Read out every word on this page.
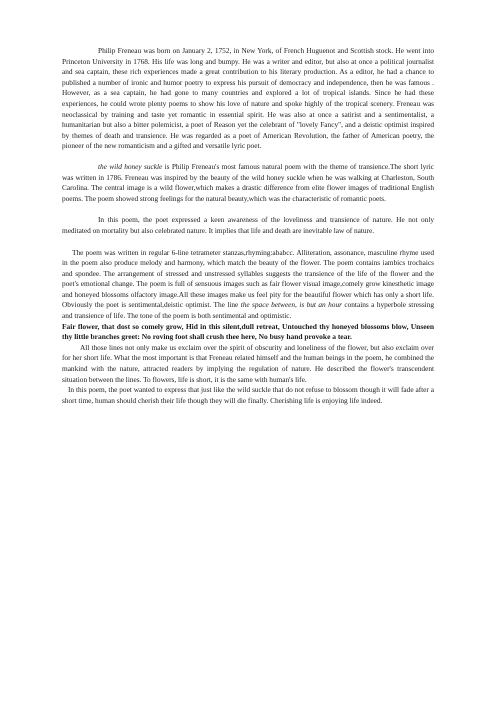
Philip Freneau was born on January 2, 1752, in New York, of French Huguenot and Scottish stock. He went into Princeton University in 1768. His life was long and bumpy. He was a writer and editor, but also at once a political journalist and sea captain, these rich experiences made a great contribution to his literary production. As a editor, he had a chance to published a number of ironic and humor poetry to express his pursuit of democracy and independence, then he was famous . However, as a sea captain, he had gone to many countries and explored a lot of tropical islands. Since he had these experiences, he could wrote plenty poems to show his love of nature and spoke highly of the tropical scenery. Freneau was neoclassical by training and taste yet romantic in essential spirit. He was also at once a satirist and a sentimentalist, a humanitarian but also a bitter polemicist, a poet of Reason yet the celebrant of "lovely Fancy", and a deistic optimist inspired by themes of death and transience. He was regarded as a poet of American Revolution, the father of American poetry, the pioneer of the new romanticism and a gifted and versatile lyric poet.

the wild honey suckle is Philip Freneau's most famous natural poem with the theme of transience.The short lyric was written in 1786. Freneau was inspired by the beauty of the wild honey suckle when he was walking at Charleston, South Carolina. The central image is a wild flower,which makes a drastic difference from elite flower images of traditional English poems. The poem showed strong feelings for the natural beauty,which was the characteristic of romantic poets.

In this poem, the poet expressed a keen awareness of the loveliness and transience of nature. He not only meditated on mortality but also celebrated nature. It implies that life and death are inevitable law of nature.

The poem was written in regular 6-line tetrameter stanzas,rhyming:ababcc. Alliteration, assonance, masculine rhyme used in the poem also produce melody and harmony, which match the beauty of the flower. The poem contains iambics trochaics and spondee. The arrangement of stressed and unstressed syllables suggests the transience of the life of the flower and the poet's emotional change. The poem is full of sensuous images such as fair flower visual image,comely grow kinesthetic image and honeyed blossoms olfactory image.All these images make us feel pity for the beautiful flower which has only a short life. Obviously the poet is sentimental,deistic optimist. The line the space between, is but an hour contains a hyperbole stressing and transience of life. The tone of the poem is both sentimental and optimistic.

Fair flower, that dost so comely grow, Hid in this silent,dull retreat, Untouched thy honeyed blossoms blow, Unseen thy little branches greet: No roving foot shall crush thee here, No busy hand provoke a tear.

All those lines not only make us exclaim over the spirit of obscurity and loneliness of the flower, but also exclaim over for her short life. What the most important is that Freneau related himself and the human beings in the poem, he combined the mankind with the nature, attracted readers by implying the regulation of nature. He described the flower's transcendent situation between the lines. To flowers, life is short, it is the same with human's life.

In this poem, the poet wanted to express that just like the wild suckle that do not refuse to blossom though it will fade after a short time, human should cherish their life though they will die finally. Cherishing life is enjoying life indeed.
